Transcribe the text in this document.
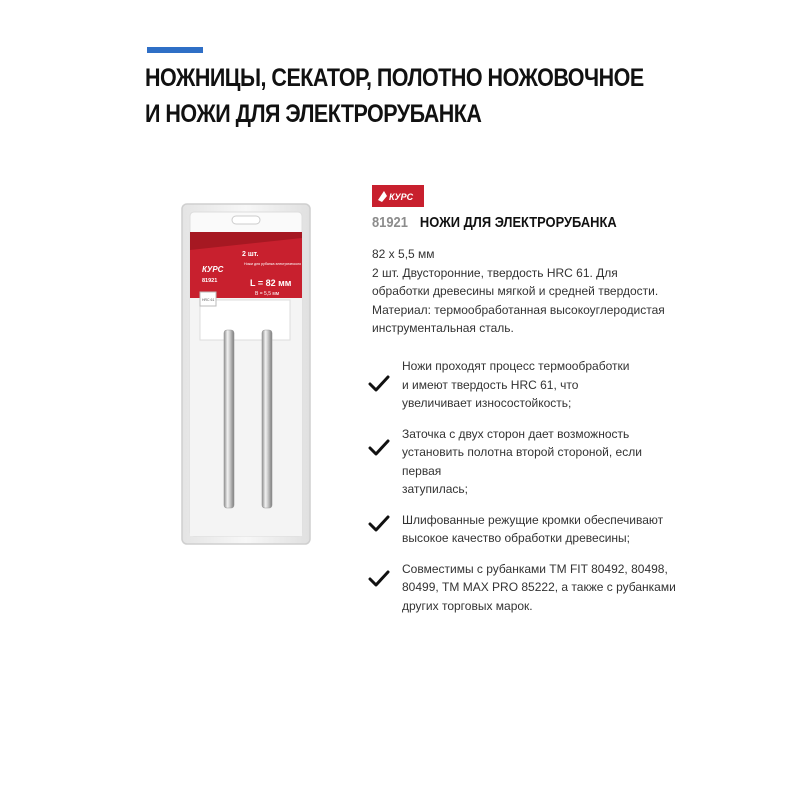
НОЖНИЦЫ, СЕКАТОР, ПОЛОТНО НОЖОВОЧНОЕ
И НОЖИ ДЛЯ ЭЛЕКТРОРУБАНКА
2 шт.
Ножи для рубанка электрического
КУРС
81921	L = 82 мм
B = 5,5 мм
HRC 61
КУРС
81921 НОЖИ ДЛЯ ЭЛЕКТРОРУБАНКА

82 х 5,5 мм

2 шт. Двусторонние, твердость HRC 61. Для

обработки древесины мягкой и средней твердости.

Материал: термообработанная высокоуглеродистая

инструментальная сталь.

Ножи проходят процесс термообработки
и имеют твердость HRC 61, что
увеличивает износостойкость;
Заточка с двух сторон дает возможность
установить полотна второй стороной, если первая
затупилась;
Шлифованные режущие кромки обеспечивают
высокое качество обработки древесины;
Совместимы с рубанками ТМ FIT 80492, 80498,
80499, ТМ MAX PRO 85222, а также с рубанками
других торговых марок.
